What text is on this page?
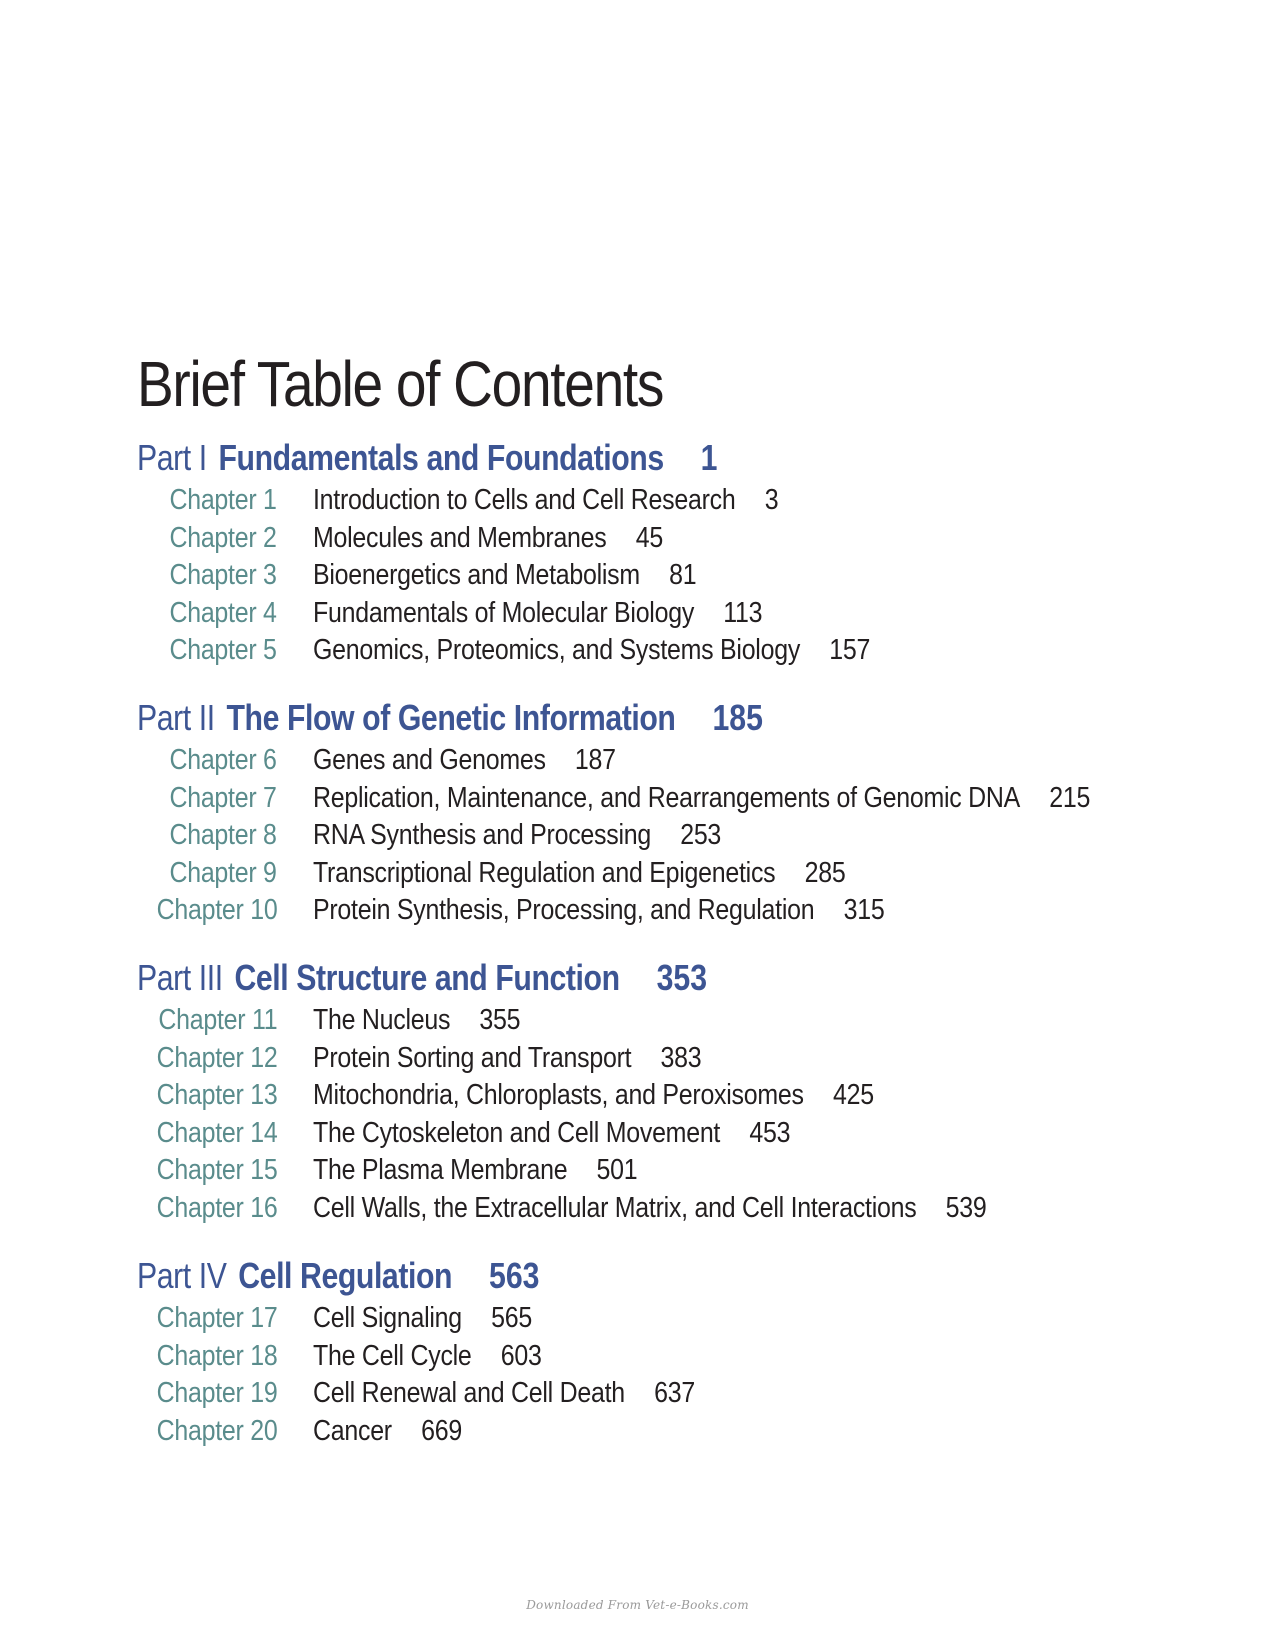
Brief Table of Contents
Part I Fundamentals and Foundations 1
Chapter 1 Introduction to Cells and Cell Research 3
Chapter 2 Molecules and Membranes 45
Chapter 3 Bioenergetics and Metabolism 81
Chapter 4 Fundamentals of Molecular Biology 113
Chapter 5 Genomics, Proteomics, and Systems Biology 157
Part II The Flow of Genetic Information 185
Chapter 6 Genes and Genomes 187
Chapter 7 Replication, Maintenance, and Rearrangements of Genomic DNA 215
Chapter 8 RNA Synthesis and Processing 253
Chapter 9 Transcriptional Regulation and Epigenetics 285
Chapter 10 Protein Synthesis, Processing, and Regulation 315
Part III Cell Structure and Function 353
Chapter 11 The Nucleus 355
Chapter 12 Protein Sorting and Transport 383
Chapter 13 Mitochondria, Chloroplasts, and Peroxisomes 425
Chapter 14 The Cytoskeleton and Cell Movement 453
Chapter 15 The Plasma Membrane 501
Chapter 16 Cell Walls, the Extracellular Matrix, and Cell Interactions 539
Part IV Cell Regulation 563
Chapter 17 Cell Signaling 565
Chapter 18 The Cell Cycle 603
Chapter 19 Cell Renewal and Cell Death 637
Chapter 20 Cancer 669
Downloaded From Vet-e-Books.com
